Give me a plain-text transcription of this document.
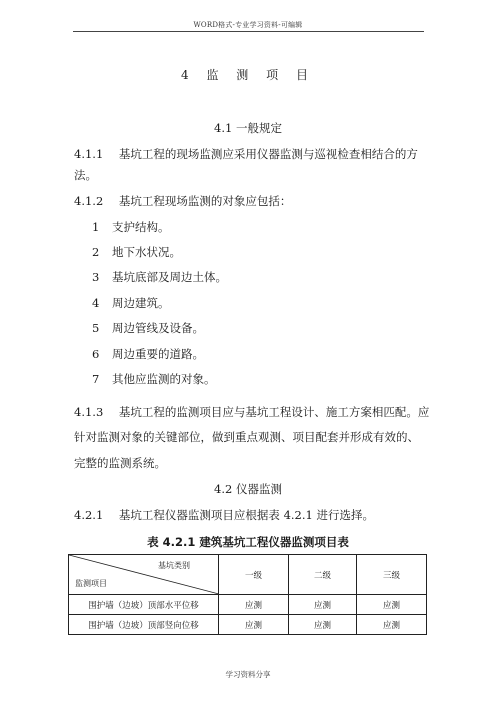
WORD格式-专业学习资料-可编辑
4 监 测 项 目
4.1 一般规定
4.1.1 基坑工程的现场监测应采用仪器监测与巡视检查相结合的方
法。
4.1.2 基坑工程现场监测的对象应包括：
1 支护结构。
2 地下水状况。
3 基坑底部及周边土体。
4 周边建筑。
5 周边管线及设备。
6 周边重要的道路。
7 其他应监测的对象。
4.1.3 基坑工程的监测项目应与基坑工程设计、施工方案相匹配。应
针对监测对象的关键部位，做到重点观测、项目配套并形成有效的、
完整的监测系统。
4.2 仪器监测
4.2.1 基坑工程仪器监测项目应根据表 4.2.1 进行选择。
表 4.2.1 建筑基坑工程仪器监测项目表
基坑类别
监测项目	一级	二级	三级
围护墙（边坡）顶部水平位移	应测	应测	应测
围护墙（边坡）顶部竖向位移	应测	应测	应测
学习资料分享
